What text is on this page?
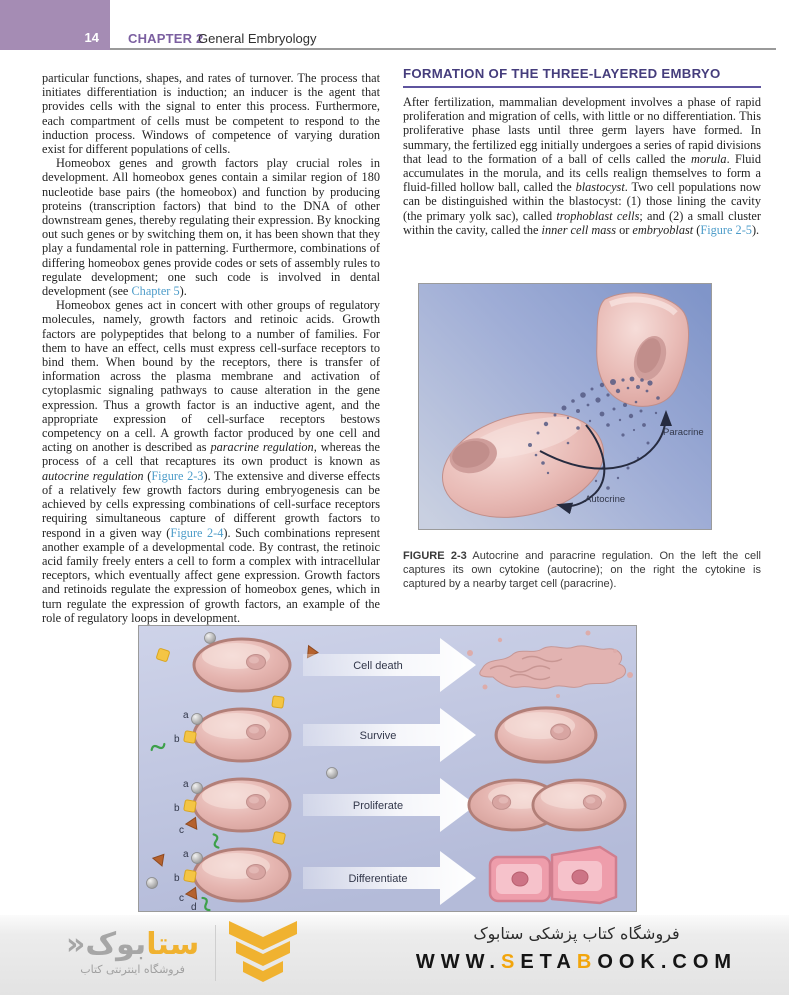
14 CHAPTER 2
General Embryology

particular functions, shapes, and rates of turnover. The process that initiates differentiation is induction; an inducer is the agent that provides cells with the signal to enter this process. Furthermore, each compartment of cells must be competent to respond to the induction process. Windows of competence of varying duration exist for different populations of cells.

Homeobox genes and growth factors play crucial roles in development. All homeobox genes contain a similar region of 180 nucleotide base pairs (the homeobox) and function by producing proteins (transcription factors) that bind to the DNA of other downstream genes, thereby regulating their expression. By knocking out such genes or by switching them on, it has been shown that they play a fundamental role in patterning. Furthermore, combinations of differing homeobox genes provide codes or sets of assembly rules to regulate development; one such code is involved in dental development (see Chapter 5).

Homeobox genes act in concert with other groups of regulatory molecules, namely, growth factors and retinoic acids. Growth factors are polypeptides that belong to a number of families. For them to have an effect, cells must express cell-surface receptors to bind them. When bound by the receptors, there is transfer of information across the plasma membrane and activation of cytoplasmic signaling pathways to cause alteration in the gene expression. Thus a growth factor is an inductive agent, and the appropriate expression of cell-surface receptors bestows competency on a cell. A growth factor produced by one cell and acting on another is described as paracrine regulation, whereas the process of a cell that recaptures its own product is known as autocrine regulation (Figure 2-3). The extensive and diverse effects of a relatively few growth factors during embryogenesis can be achieved by cells expressing combinations of cell-surface receptors requiring simultaneous capture of different growth factors to respond in a given way (Figure 2-4). Such combinations represent another example of a developmental code. By contrast, the retinoic acid family freely enters a cell to form a complex with intracellular receptors, which eventually affect gene expression. Growth factors and retinoids regulate the expression of homeobox genes, which in turn regulate the expression of growth factors, an example of the role of regulatory loops in development.

FORMATION OF THE THREE-LAYERED EMBRYO

After fertilization, mammalian development involves a phase of rapid proliferation and migration of cells, with little or no differentiation. This proliferative phase lasts until three germ layers have formed. In summary, the fertilized egg initially undergoes a series of rapid divisions that lead to the formation of a ball of cells called the morula. Fluid accumulates in the morula, and its cells realign themselves to form a fluid-filled hollow ball, called the blastocyst. Two cell populations now can be distinguished within the blastocyst: (1) those lining the cavity (the primary yolk sac), called trophoblast cells; and (2) a small cluster within the cavity, called the inner cell mass or embryoblast (Figure 2-5).

Paracrine
Autocrine

FIGURE 2-3 Autocrine and paracrine regulation. On the left the cell captures its own cytokine (autocrine); on the right the cytokine is captured by a nearby target cell (paracrine).

Cell death
a
b	Survive
a
b
c
Proliferate
a
b
c
d
Differentiate
ستابوک«
فروشگاه اینترنتی کتاب
فروشگاه کتاب پزشکی ستابوک
WWW.SETABOOK.COM
